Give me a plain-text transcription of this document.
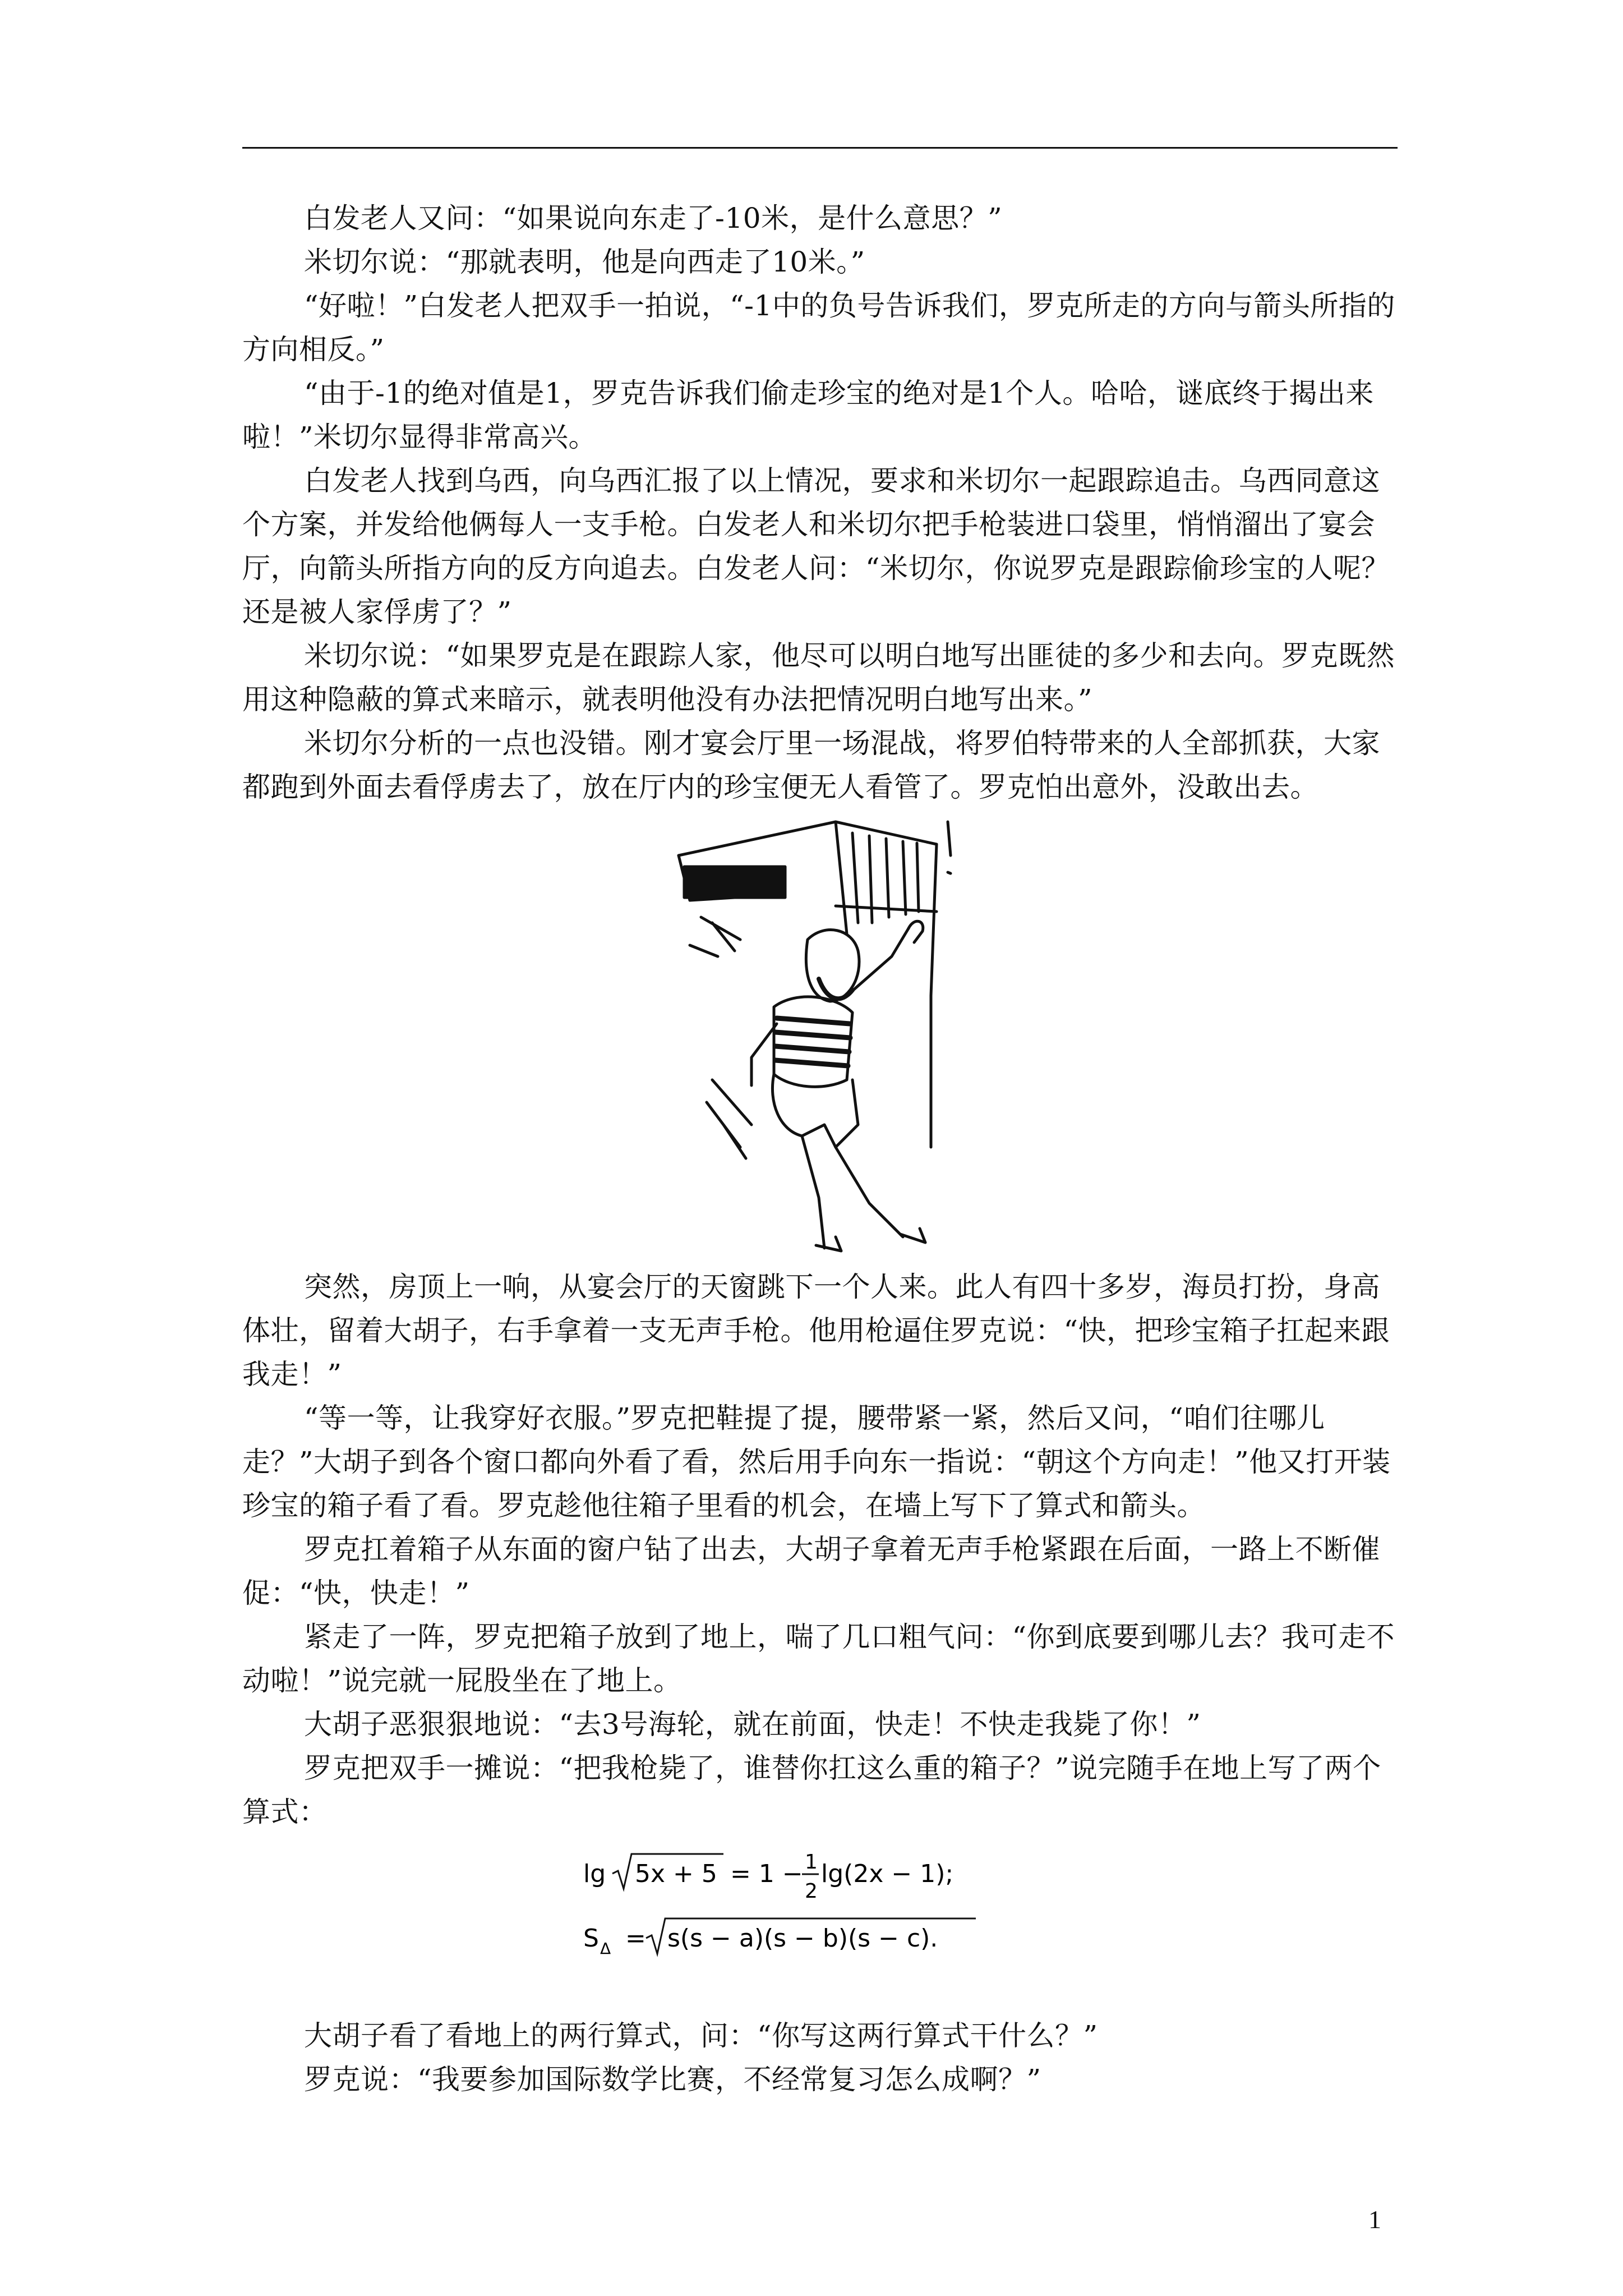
白发老人又问：“如果说向东走了-10米，是什么意思？”

米切尔说：“那就表明，他是向西走了10米。”

“好啦！”白发老人把双手一拍说，“-1中的负号告诉我们，罗克所走的方向与箭头所指的方向相反。”

“由于-1的绝对值是1，罗克告诉我们偷走珍宝的绝对是1个人。哈哈，谜底终于揭出来啦！”米切尔显得非常高兴。

白发老人找到乌西，向乌西汇报了以上情况，要求和米切尔一起跟踪追击。乌西同意这个方案，并发给他俩每人一支手枪。白发老人和米切尔把手枪装进口袋里，悄悄溜出了宴会厅，向箭头所指方向的反方向追去。白发老人问：“米切尔，你说罗克是跟踪偷珍宝的人呢？还是被人家俘虏了？”

米切尔说：“如果罗克是在跟踪人家，他尽可以明白地写出匪徒的多少和去向。罗克既然用这种隐蔽的算式来暗示，就表明他没有办法把情况明白地写出来。”

米切尔分析的一点也没错。刚才宴会厅里一场混战，将罗伯特带来的人全部抓获，大家都跑到外面去看俘虏去了，放在厅内的珍宝便无人看管了。罗克怕出意外，没敢出去。

突然，房顶上一响，从宴会厅的天窗跳下一个人来。此人有四十多岁，海员打扮，身高体壮，留着大胡子，右手拿着一支无声手枪。他用枪逼住罗克说：“快，把珍宝箱子扛起来跟我走！”

“等一等，让我穿好衣服。”罗克把鞋提了提，腰带紧一紧，然后又问，“咱们往哪儿走？”大胡子到各个窗口都向外看了看，然后用手向东一指说：“朝这个方向走！”他又打开装珍宝的箱子看了看。罗克趁他往箱子里看的机会，在墙上写下了算式和箭头。

罗克扛着箱子从东面的窗户钻了出去，大胡子拿着无声手枪紧跟在后面，一路上不断催促：“快，快走！”

紧走了一阵，罗克把箱子放到了地上，喘了几口粗气问：“你到底要到哪儿去？我可走不动啦！”说完就一屁股坐在了地上。

大胡子恶狠狠地说：“去3号海轮，就在前面，快走！不快走我毙了你！”

罗克把双手一摊说：“把我枪毙了，谁替你扛这么重的箱子？”说完随手在地上写了两个算式：

lg 5x + 5 = 1 − 1
2
lg(2x − 1);
S Δ = s(s − a)(s − b)(s − c).

大胡子看了看地上的两行算式，问：“你写这两行算式干什么？”

罗克说：“我要参加国际数学比赛，不经常复习怎么成啊？”

1
